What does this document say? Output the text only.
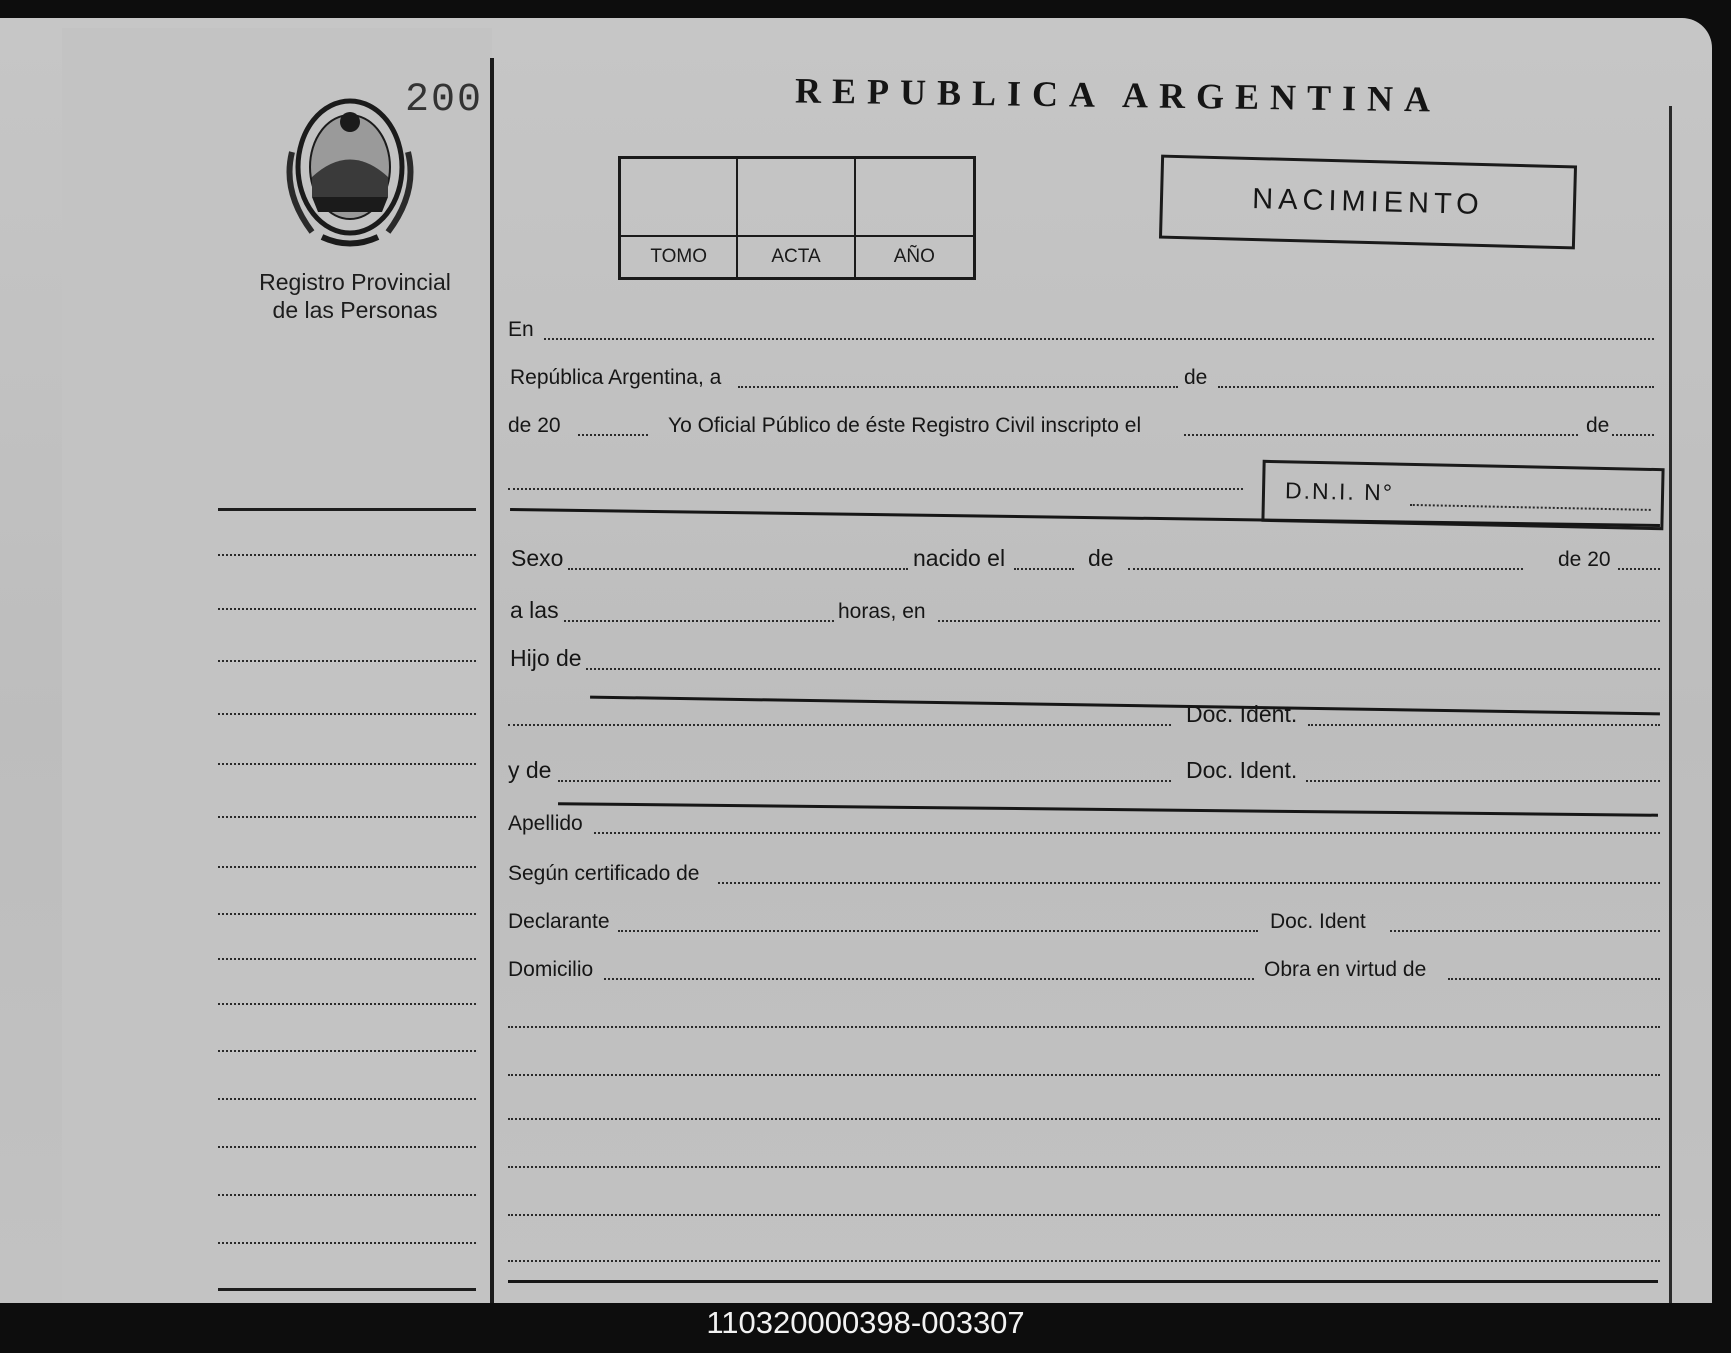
200
Registro Provincial
de las Personas
REPUBLICA ARGENTINA
TOMO	ACTA	AÑO
NACIMIENTO
En
República Argentina, a	de
de 20	Yo Oficial Público de éste Registro Civil inscripto el	de
D.N.I. N°
Sexo	nacido el	de	de 20
a las	horas, en
Hijo de
Doc. Ident.
y de	Doc. Ident.
Apellido
Según certificado de
Declarante	Doc. Ident
Domicilio	Obra en virtud de
110320000398-003307
